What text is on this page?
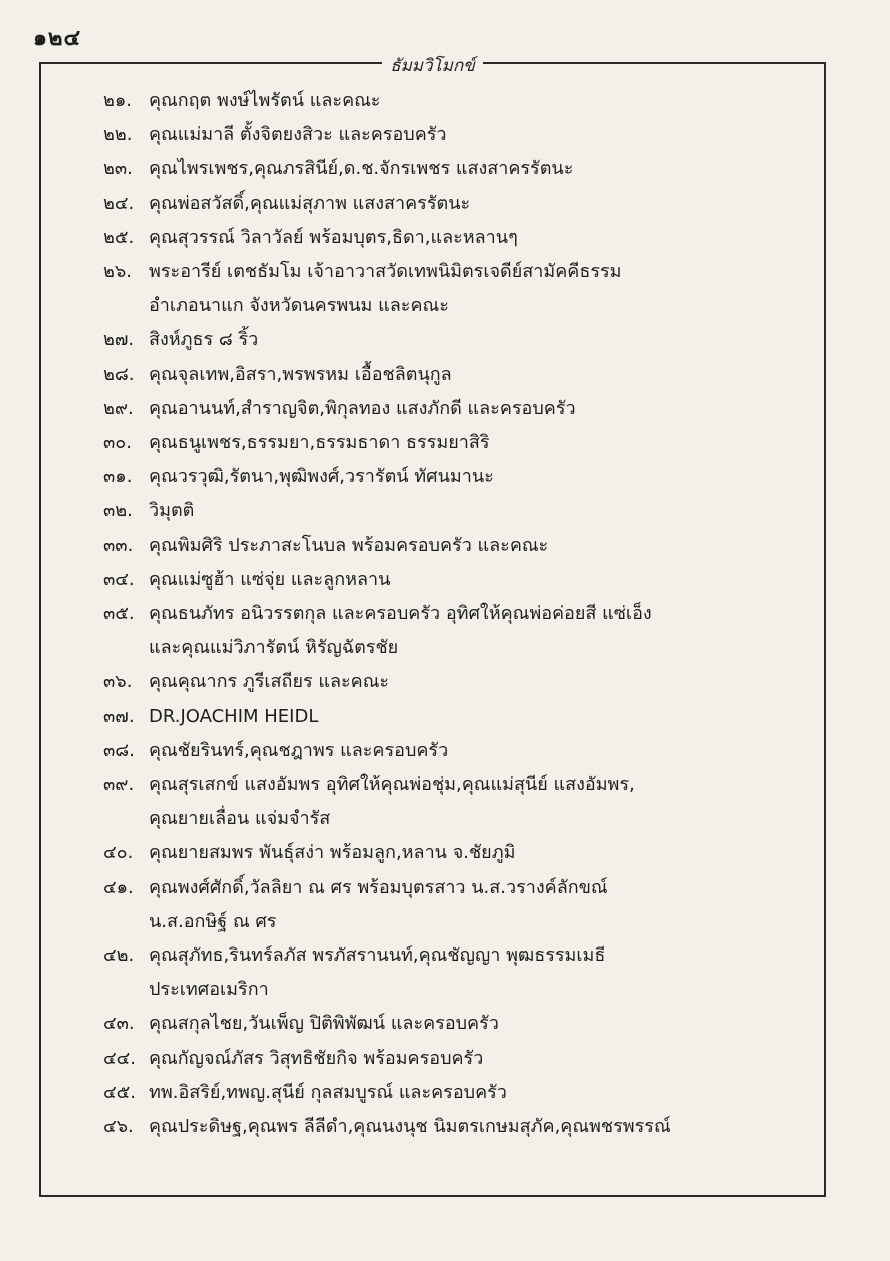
๑๒๔
ธัมมวิโมกข์
๒๑. คุณกฤต พงษ์ไพรัตน์ และคณะ
๒๒. คุณแม่มาลี ตั้งจิตยงสิวะ และครอบครัว
๒๓. คุณไพรเพชร,คุณภรสินีย์,ด.ช.จักรเพชร แสงสาครรัตนะ
๒๔. คุณพ่อสวัสดิ์,คุณแม่สุภาพ แสงสาครรัตนะ
๒๕. คุณสุวรรณ์ วิลาวัลย์ พร้อมบุตร,ธิดา,และหลานๆ
๒๖. พระอารีย์ เตชธัมโม เจ้าอาวาสวัดเทพนิมิตรเจดีย์สามัคคีธรรม
อำเภอนาแก จังหวัดนครพนม และคณะ
๒๗. สิงห์ภูธร ๘ ริ้ว
๒๘. คุณจุลเทพ,อิสรา,พรพรหม เอื้อชลิตนุกูล
๒๙. คุณอานนท์,สำราญจิต,พิกุลทอง แสงภักดี และครอบครัว
๓๐. คุณธนูเพชร,ธรรมยา,ธรรมธาดา ธรรมยาสิริ
๓๑. คุณวรวุฒิ,รัตนา,พุฒิพงศ์,วรารัตน์ ทัศนมานะ
๓๒. วิมุตติ
๓๓. คุณพิมศิริ ประภาสะโนบล พร้อมครอบครัว และคณะ
๓๔. คุณแม่ซูฮ้า แซ่จุ่ย และลูกหลาน
๓๕. คุณธนภัทร อนิวรรตกุล และครอบครัว อุทิศให้คุณพ่อค่อยสี แซ่เอ็ง
และคุณแม่วิภารัตน์ หิรัญฉัตรชัย
๓๖. คุณคุณากร ภูรีเสถียร และคณะ
๓๗. DR.JOACHIM HEIDL
๓๘. คุณชัยรินทร์,คุณชฎาพร และครอบครัว
๓๙. คุณสุรเสกข์ แสงอัมพร อุทิศให้คุณพ่อชุ่ม,คุณแม่สุนีย์ แสงอัมพร,
คุณยายเลื่อน แจ่มจำรัส
๔๐. คุณยายสมพร พันธุ์สง่า พร้อมลูก,หลาน จ.ชัยภูมิ
๔๑. คุณพงศ์ศักดิ์,วัลลิยา ณ ศร พร้อมบุตรสาว น.ส.วรางค์ลักขณ์
น.ส.อกษิฐ์ ณ ศร
๔๒. คุณสุภัทธ,รินทร์ลภัส พรภัสรานนท์,คุณชัญญา พุฒธรรมเมธี
ประเทศอเมริกา
๔๓. คุณสกุลไชย,วันเพ็ญ ปิติพิพัฒน์ และครอบครัว
๔๔. คุณกัญจณ์ภัสร วิสุทธิชัยกิจ พร้อมครอบครัว
๔๕. ทพ.อิสริย์,ทพญ.สุนีย์ กุลสมบูรณ์ และครอบครัว
๔๖. คุณประดิษฐ,คุณพร ลีลีดำ,คุณนงนุช นิมตรเกษมสุภัค,คุณพชรพรรณ์
